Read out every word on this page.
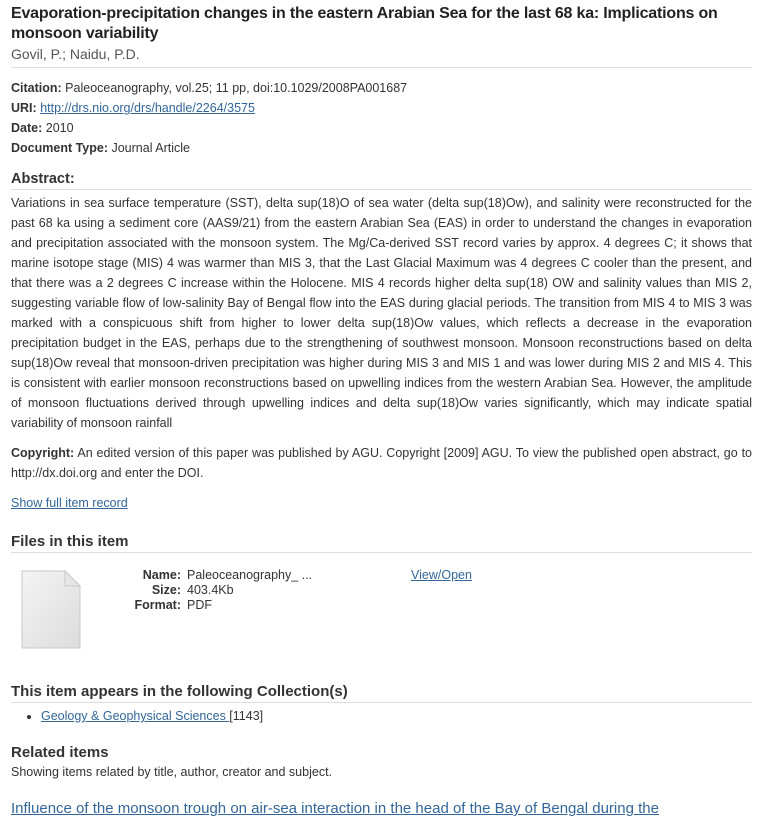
Evaporation-precipitation changes in the eastern Arabian Sea for the last 68 ka: Implications on monsoon variability
Govil, P.; Naidu, P.D.
Citation: Paleoceanography, vol.25; 11 pp, doi:10.1029/2008PA001687
URI: http://drs.nio.org/drs/handle/2264/3575
Date: 2010
Document Type: Journal Article
Abstract:
Variations in sea surface temperature (SST), delta sup(18)O of sea water (delta sup(18)Ow), and salinity were reconstructed for the past 68 ka using a sediment core (AAS9/21) from the eastern Arabian Sea (EAS) in order to understand the changes in evaporation and precipitation associated with the monsoon system. The Mg/Ca-derived SST record varies by approx. 4 degrees C; it shows that marine isotope stage (MIS) 4 was warmer than MIS 3, that the Last Glacial Maximum was 4 degrees C cooler than the present, and that there was a 2 degrees C increase within the Holocene. MIS 4 records higher delta sup(18) OW and salinity values than MIS 2, suggesting variable flow of low-salinity Bay of Bengal flow into the EAS during glacial periods. The transition from MIS 4 to MIS 3 was marked with a conspicuous shift from higher to lower delta sup(18)Ow values, which reflects a decrease in the evaporation precipitation budget in the EAS, perhaps due to the strengthening of southwest monsoon. Monsoon reconstructions based on delta sup(18)Ow reveal that monsoon-driven precipitation was higher during MIS 3 and MIS 1 and was lower during MIS 2 and MIS 4. This is consistent with earlier monsoon reconstructions based on upwelling indices from the western Arabian Sea. However, the amplitude of monsoon fluctuations derived through upwelling indices and delta sup(18)Ow varies significantly, which may indicate spatial variability of monsoon rainfall
Copyright: An edited version of this paper was published by AGU. Copyright [2009] AGU. To view the published open abstract, go to http://dx.doi.org and enter the DOI.
Show full item record
Files in this item
Name: Paleoceanography_ ...
Size: 403.4Kb
Format: PDF
View/Open
This item appears in the following Collection(s)
• Geology & Geophysical Sciences [1143]
Related items
Showing items related by title, author, creator and subject.
Influence of the monsoon trough on air-sea interaction in the head of the Bay of Bengal during the
